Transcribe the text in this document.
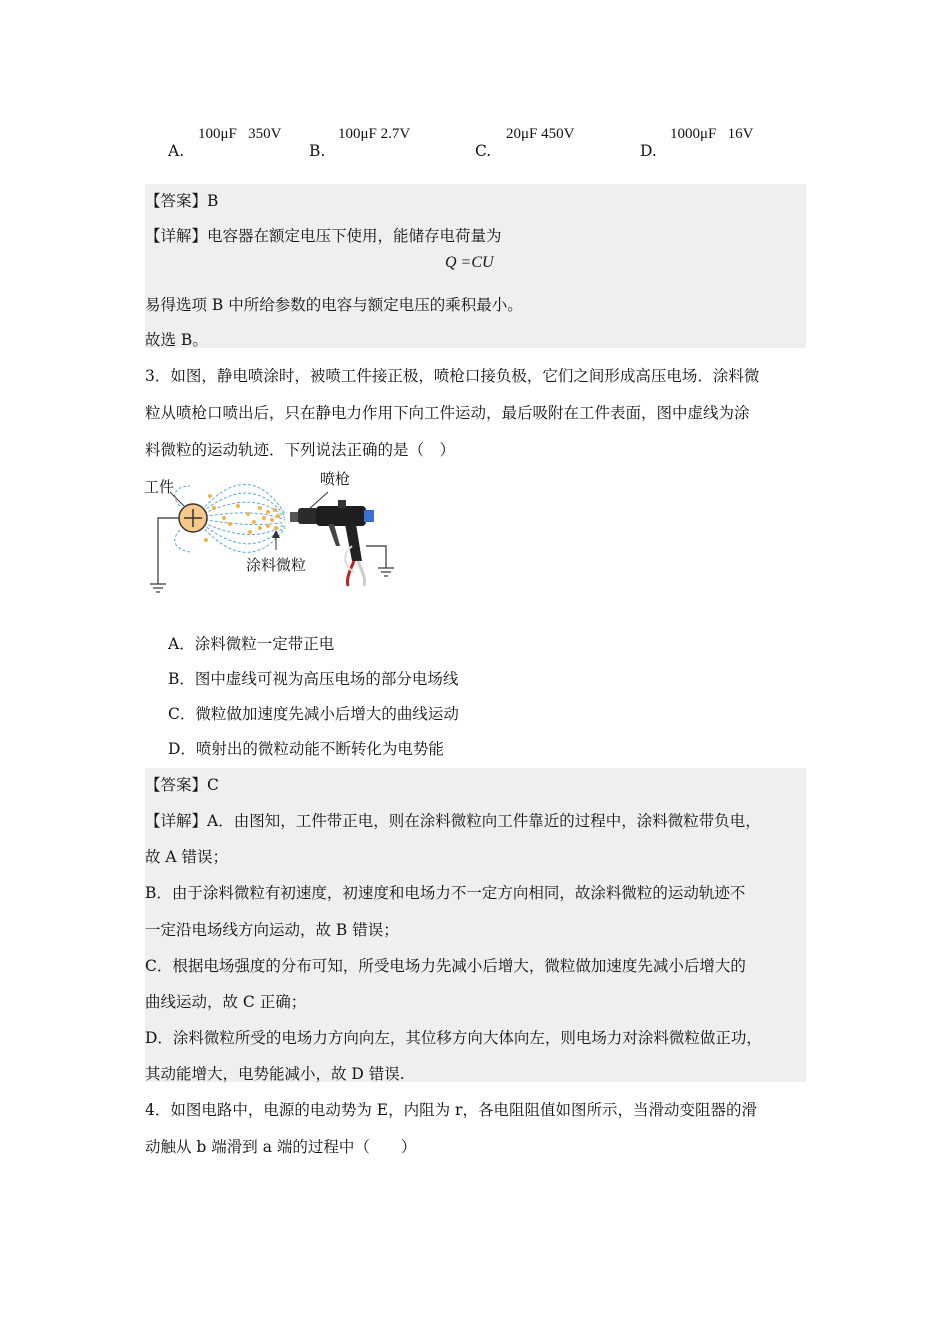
A.
100μF   350V
B.
100μF 2.7V
C.
20μF 450V
D.
1000μF   16V
【答案】B
【详解】电容器在额定电压下使用，能储存电荷量为
Q =CU
易得选项 B 中所给参数的电容与额定电压的乘积最小。
故选 B。
3．如图，静电喷涂时，被喷工件接正极，喷枪口接负极，它们之间形成高压电场．涂料微
粒从喷枪口喷出后，只在静电力作用下向工件运动，最后吸附在工件表面，图中虚线为涂
料微粒的运动轨迹．下列说法正确的是（　）
工件	喷枪
涂料微粒
A．涂料微粒一定带正电
B．图中虚线可视为高压电场的部分电场线
C．微粒做加速度先减小后增大的曲线运动
D．喷射出的微粒动能不断转化为电势能
【答案】C
【详解】A．由图知，工件带正电，则在涂料微粒向工件靠近的过程中，涂料微粒带负电，
故 A 错误；
B．由于涂料微粒有初速度，初速度和电场力不一定方向相同，故涂料微粒的运动轨迹不
一定沿电场线方向运动，故 B 错误；
C．根据电场强度的分布可知，所受电场力先减小后增大，微粒做加速度先减小后增大的
曲线运动，故 C 正确；
D．涂料微粒所受的电场力方向向左，其位移方向大体向左，则电场力对涂料微粒做正功，
其动能增大，电势能减小，故 D 错误.
4．如图电路中，电源的电动势为 E，内阻为 r，各电阻阻值如图所示，当滑动变阻器的滑
动触从 b 端滑到 a 端的过程中（　　）
